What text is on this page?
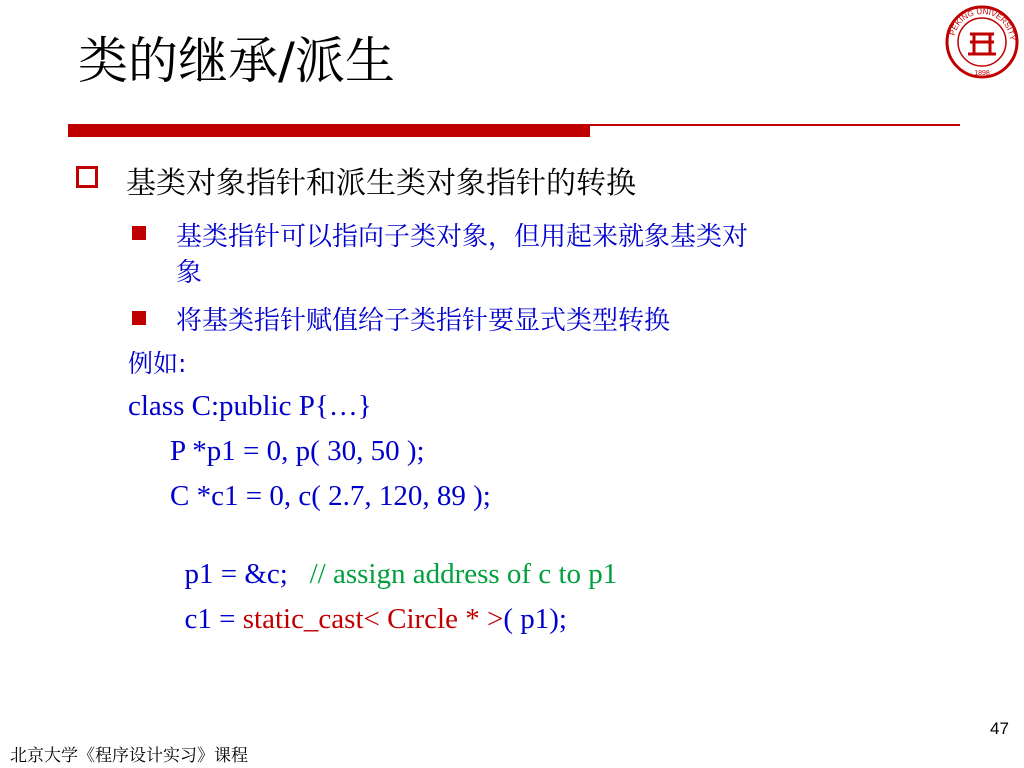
类的继承/派生	PEKING UNIVERSITY
1898
基类对象指针和派生类对象指针的转换
基类指针可以指向子类对象，但用起来就象基类对
象
将基类指针赋值给子类指针要显式类型转换
例如:
class C:public P{…}
P *p1 = 0, p( 30, 50 );
C *c1 = 0, c( 2.7, 120, 89 );

p1 = &c;   // assign address of c to p1

c1 = static_cast< Circle * >( p1);

北京大学《程序设计实习》课程
47
